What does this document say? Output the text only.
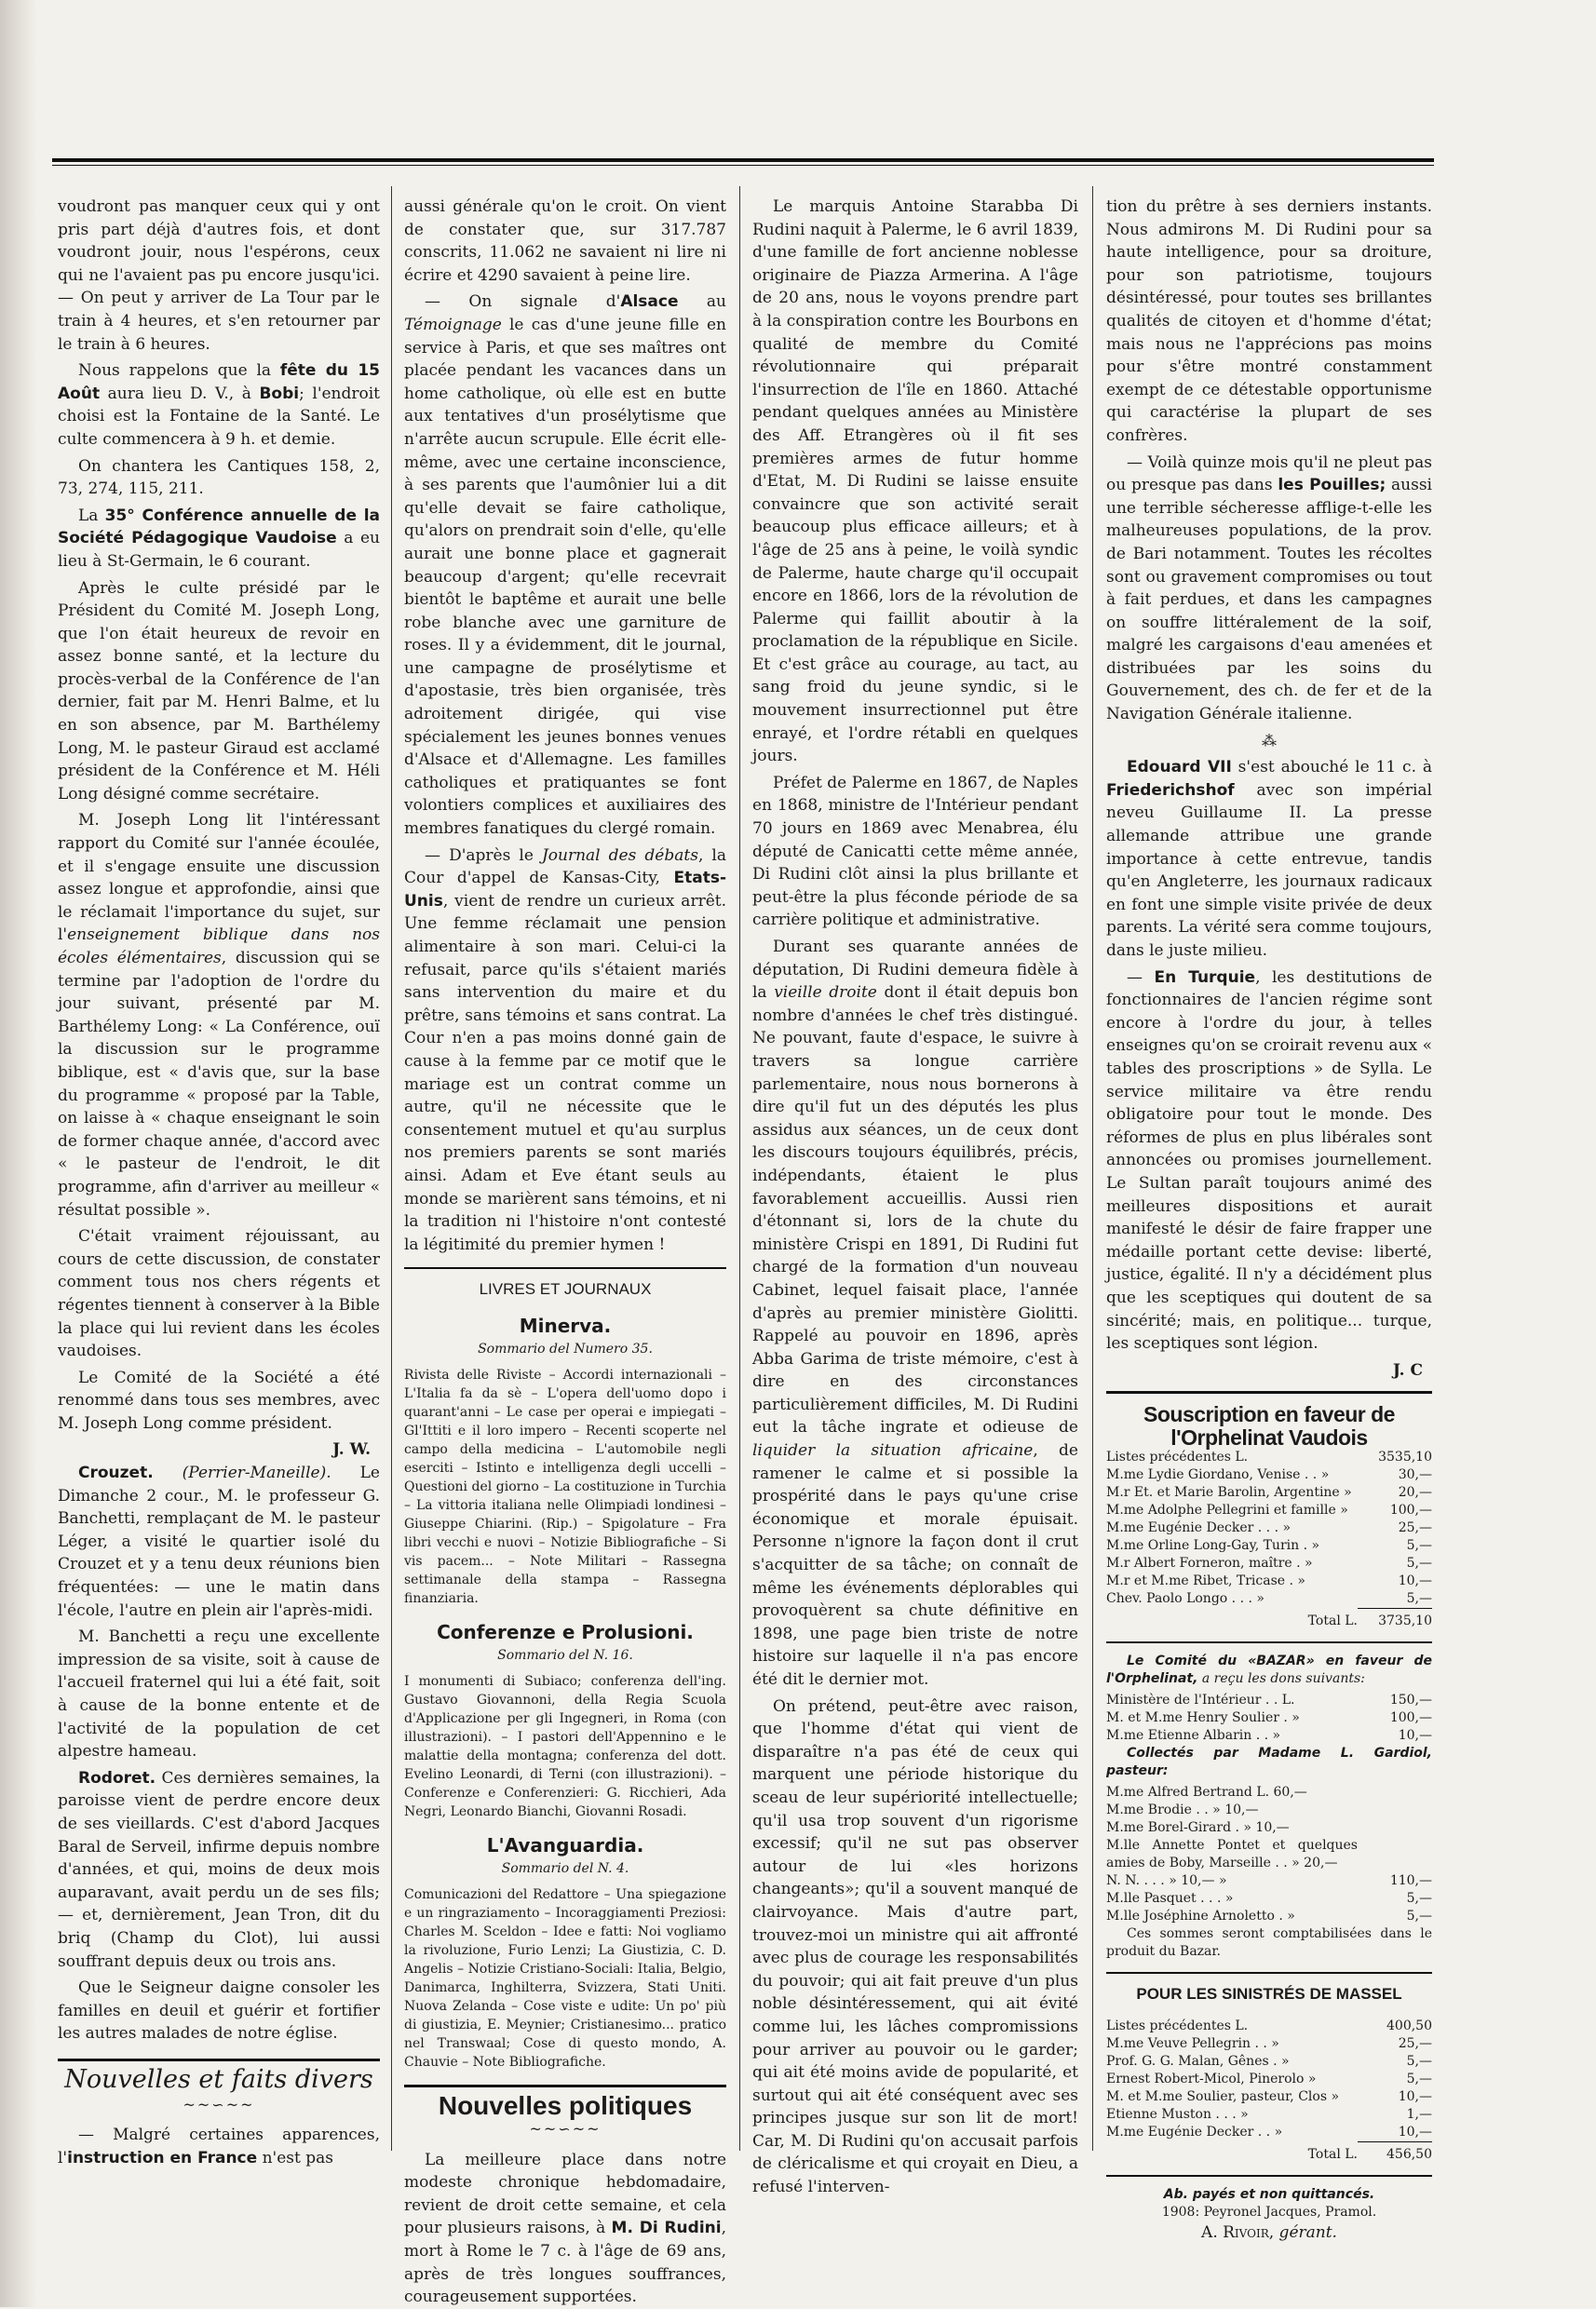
voudront pas manquer ceux qui y ont pris part déjà d'autres fois, et dont voudront jouir, nous l'espérons, ceux qui ne l'avaient pas pu encore jusqu'ici. — On peut y arriver de La Tour par le train à 4 heures, et s'en retourner par le train à 6 heures.

Nous rappelons que la fête du 15 Août aura lieu D. V., à Bobi; l'endroit choisi est la Fontaine de la Santé. Le culte commencera à 9 h. et demie.

On chantera les Cantiques 158, 2, 73, 274, 115, 211.

La 35° Conférence annuelle de la Société Pédagogique Vaudoise a eu lieu à St-Germain, le 6 courant.

Après le culte présidé par le Président du Comité M. Joseph Long, que l'on était heureux de revoir en assez bonne santé, et la lecture du procès-verbal de la Conférence de l'an dernier, fait par M. Henri Balme, et lu en son absence, par M. Barthélemy Long, M. le pasteur Giraud est acclamé président de la Conférence et M. Héli Long désigné comme secrétaire.

M. Joseph Long lit l'intéressant rapport du Comité sur l'année écoulée, et il s'engage ensuite une discussion assez longue et approfondie, ainsi que le réclamait l'importance du sujet, sur l'enseignement biblique dans nos écoles élémentaires, discussion qui se termine par l'adoption de l'ordre du jour suivant, présenté par M. Barthélemy Long: « La Conférence, ouï la discussion sur le programme biblique, est « d'avis que, sur la base du programme « proposé par la Table, on laisse à « chaque enseignant le soin de former chaque année, d'accord avec « le pasteur de l'endroit, le dit programme, afin d'arriver au meilleur « résultat possible ».

C'était vraiment réjouissant, au cours de cette discussion, de constater comment tous nos chers régents et régentes tiennent à conserver à la Bible la place qui lui revient dans les écoles vaudoises.

Le Comité de la Société a été renommé dans tous ses membres, avec M. Joseph Long comme président.

J. W.

Crouzet. (Perrier-Maneille). Le Dimanche 2 cour., M. le professeur G. Banchetti, remplaçant de M. le pasteur Léger, a visité le quartier isolé du Crouzet et y a tenu deux réunions bien fréquentées: — une le matin dans l'école, l'autre en plein air l'après-midi.

M. Banchetti a reçu une excellente impression de sa visite, soit à cause de l'accueil fraternel qui lui a été fait, soit à cause de la bonne entente et de l'activité de la population de cet alpestre hameau.

Rodoret. Ces dernières semaines, la paroisse vient de perdre encore deux de ses vieillards. C'est d'abord Jacques Baral de Serveil, infirme depuis nombre d'années, et qui, moins de deux mois auparavant, avait perdu un de ses fils; — et, dernièrement, Jean Tron, dit du briq (Champ du Clot), lui aussi souffrant depuis deux ou trois ans.

Que le Seigneur daigne consoler les familles en deuil et guérir et fortifier les autres malades de notre église.

Nouvelles et faits divers
~~∽~~

— Malgré certaines apparences, l'instruction en France n'est pas

aussi générale qu'on le croit. On vient de constater que, sur 317.787 conscrits, 11.062 ne savaient ni lire ni écrire et 4290 savaient à peine lire.

— On signale d'Alsace au Témoignage le cas d'une jeune fille en service à Paris, et que ses maîtres ont placée pendant les vacances dans un home catholique, où elle est en butte aux tentatives d'un prosélytisme que n'arrête aucun scrupule. Elle écrit elle-même, avec une certaine inconscience, à ses parents que l'aumônier lui a dit qu'elle devait se faire catholique, qu'alors on prendrait soin d'elle, qu'elle aurait une bonne place et gagnerait beaucoup d'argent; qu'elle recevrait bientôt le baptême et aurait une belle robe blanche avec une garniture de roses. Il y a évidemment, dit le journal, une campagne de prosélytisme et d'apostasie, très bien organisée, très adroitement dirigée, qui vise spécialement les jeunes bonnes venues d'Alsace et d'Allemagne. Les familles catholiques et pratiquantes se font volontiers complices et auxiliaires des membres fanatiques du clergé romain.

— D'après le Journal des débats, la Cour d'appel de Kansas-City, Etats-Unis, vient de rendre un curieux arrêt. Une femme réclamait une pension alimentaire à son mari. Celui-ci la refusait, parce qu'ils s'étaient mariés sans intervention du maire et du prêtre, sans témoins et sans contrat. La Cour n'en a pas moins donné gain de cause à la femme par ce motif que le mariage est un contrat comme un autre, qu'il ne nécessite que le consentement mutuel et qu'au surplus nos premiers parents se sont mariés ainsi. Adam et Eve étant seuls au monde se marièrent sans témoins, et ni la tradition ni l'histoire n'ont contesté la légitimité du premier hymen !

LIVRES ET JOURNAUX
Minerva.
Sommario del Numero 35.
Rivista delle Riviste – Accordi internazionali – L'Italia fa da sè – L'opera dell'uomo dopo i quarant'anni – Le case per operai e impiegati – Gl'Ittiti e il loro impero – Recenti scoperte nel campo della medicina – L'automobile negli eserciti – Istinto e intelligenza degli uccelli – Questioni del giorno – La costituzione in Turchia – La vittoria italiana nelle Olimpiadi londinesi – Giuseppe Chiarini. (Rip.) – Spigolature – Fra libri vecchi e nuovi – Notizie Bibliografiche – Si vis pacem... – Note Militari – Rassegna settimanale della stampa – Rassegna finanziaria.
Conferenze e Prolusioni.
Sommario del N. 16.
I monumenti di Subiaco; conferenza dell'ing. Gustavo Giovannoni, della Regia Scuola d'Applicazione per gli Ingegneri, in Roma (con illustrazioni). – I pastori dell'Appennino e le malattie della montagna; conferenza del dott. Evelino Leonardi, di Terni (con illustrazioni). – Conferenze e Conferenzieri: G. Ricchieri, Ada Negri, Leonardo Bianchi, Giovanni Rosadi.
L'Avanguardia.
Sommario del N. 4.
Comunicazioni del Redattore – Una spiegazione e un ringraziamento – Incoraggiamenti Preziosi: Charles M. Sceldon – Idee e fatti: Noi vogliamo la rivoluzione, Furio Lenzi; La Giustizia, C. D. Angelis – Notizie Cristiano-Sociali: Italia, Belgio, Danimarca, Inghilterra, Svizzera, Stati Uniti. Nuova Zelanda – Cose viste e udite: Un po' più di giustizia, E. Meynier; Cristianesimo... pratico nel Transwaal; Cose di questo mondo, A. Chauvie – Note Bibliografiche.
Nouvelles politiques
~~∽~~

La meilleure place dans notre modeste chronique hebdomadaire, revient de droit cette semaine, et cela pour plusieurs raisons, à M. Di Rudini, mort à Rome le 7 c. à l'âge de 69 ans, après de très longues souffrances, courageusement supportées.

Le marquis Antoine Starabba Di Rudini naquit à Palerme, le 6 avril 1839, d'une famille de fort ancienne noblesse originaire de Piazza Armerina. A l'âge de 20 ans, nous le voyons prendre part à la conspiration contre les Bourbons en qualité de membre du Comité révolutionnaire qui préparait l'insurrection de l'île en 1860. Attaché pendant quelques années au Ministère des Aff. Etrangères où il fit ses premières armes de futur homme d'Etat, M. Di Rudini se laisse ensuite convaincre que son activité serait beaucoup plus efficace ailleurs; et à l'âge de 25 ans à peine, le voilà syndic de Palerme, haute charge qu'il occupait encore en 1866, lors de la révolution de Palerme qui faillit aboutir à la proclamation de la république en Sicile. Et c'est grâce au courage, au tact, au sang froid du jeune syndic, si le mouvement insurrectionnel put être enrayé, et l'ordre rétabli en quelques jours.

Préfet de Palerme en 1867, de Naples en 1868, ministre de l'Intérieur pendant 70 jours en 1869 avec Menabrea, élu député de Canicatti cette même année, Di Rudini clôt ainsi la plus brillante et peut-être la plus féconde période de sa carrière politique et administrative.

Durant ses quarante années de députation, Di Rudini demeura fidèle à la vieille droite dont il était depuis bon nombre d'années le chef très distingué. Ne pouvant, faute d'espace, le suivre à travers sa longue carrière parlementaire, nous nous bornerons à dire qu'il fut un des députés les plus assidus aux séances, un de ceux dont les discours toujours équilibrés, précis, indépendants, étaient le plus favorablement accueillis. Aussi rien d'étonnant si, lors de la chute du ministère Crispi en 1891, Di Rudini fut chargé de la formation d'un nouveau Cabinet, lequel faisait place, l'année d'après au premier ministère Giolitti. Rappelé au pouvoir en 1896, après Abba Garima de triste mémoire, c'est à dire en des circonstances particulièrement difficiles, M. Di Rudini eut la tâche ingrate et odieuse de liquider la situation africaine, de ramener le calme et si possible la prospérité dans le pays qu'une crise économique et morale épuisait. Personne n'ignore la façon dont il crut s'acquitter de sa tâche; on connaît de même les événements déplorables qui provoquèrent sa chute définitive en 1898, une page bien triste de notre histoire sur laquelle il n'a pas encore été dit le dernier mot.

On prétend, peut-être avec raison, que l'homme d'état qui vient de disparaître n'a pas été de ceux qui marquent une période historique du sceau de leur supériorité intellectuelle; qu'il usa trop souvent d'un rigorisme excessif; qu'il ne sut pas observer autour de lui «les horizons changeants»; qu'il a souvent manqué de clairvoyance. Mais d'autre part, trouvez-moi un ministre qui ait affronté avec plus de courage les responsabilités du pouvoir; qui ait fait preuve d'un plus noble désintéressement, qui ait évité comme lui, les lâches compromissions pour arriver au pouvoir ou le garder; qui ait été moins avide de popularité, et surtout qui ait été conséquent avec ses principes jusque sur son lit de mort! Car, M. Di Rudini qu'on accusait parfois de cléricalisme et qui croyait en Dieu, a refusé l'interven-

tion du prêtre à ses derniers instants. Nous admirons M. Di Rudini pour sa haute intelligence, pour sa droiture, pour son patriotisme, toujours désintéressé, pour toutes ses brillantes qualités de citoyen et d'homme d'état; mais nous ne l'apprécions pas moins pour s'être montré constamment exempt de ce détestable opportunisme qui caractérise la plupart de ses confrères.

— Voilà quinze mois qu'il ne pleut pas ou presque pas dans les Pouilles; aussi une terrible sécheresse afflige-t-elle les malheureuses populations, de la prov. de Bari notamment. Toutes les récoltes sont ou gravement compromises ou tout à fait perdues, et dans les campagnes on souffre littéralement de la soif, malgré les cargaisons d'eau amenées et distribuées par les soins du Gouvernement, des ch. de fer et de la Navigation Générale italienne.

⁂

Edouard VII s'est abouché le 11 c. à Friederichshof avec son impérial neveu Guillaume II. La presse allemande attribue une grande importance à cette entrevue, tandis qu'en Angleterre, les journaux radicaux en font une simple visite privée de deux parents. La vérité sera comme toujours, dans le juste milieu.

— En Turquie, les destitutions de fonctionnaires de l'ancien régime sont encore à l'ordre du jour, à telles enseignes qu'on se croirait revenu aux « tables des proscriptions » de Sylla. Le service militaire va être rendu obligatoire pour tout le monde. Des réformes de plus en plus libérales sont annoncées ou promises journellement. Le Sultan paraît toujours animé des meilleures dispositions et aurait manifesté le désir de faire frapper une médaille portant cette devise: liberté, justice, égalité. Il n'y a décidément plus que les sceptiques qui doutent de sa sincérité; mais, en politique... turque, les sceptiques sont légion.

J. C
Souscription en faveur de l'Orphelinat Vaudois
Listes précédentes L.	3535,10
M.me Lydie Giordano, Venise . . »	30,—
M.r Et. et Marie Barolin, Argentine »	20,—
M.me Adolphe Pellegrini et famille »	100,—
M.me Eugénie Decker . . . »	25,—
M.me Orline Long-Gay, Turin . »	5,—
M.r Albert Forneron, maître . »	5,—
M.r et M.me Ribet, Tricase . »	10,—
Chev. Paolo Longo . . . »	5,—
Total L.	3735,10

Le Comité du «BAZAR» en faveur de l'Orphelinat, a reçu les dons suivants:

Ministère de l'Intérieur . . L.	150,—
M. et M.me Henry Soulier . »	100,—
M.me Etienne Albarin . . »	10,—

Collectés par Madame L. Gardiol, pasteur:

M.me Alfred Bertrand L. 60,—	
M.me Brodie . . » 10,—	
M.me Borel-Girard . » 10,—	
M.lle Annette Pontet et quelques amies de Boby, Marseille . . » 20,—	
N. N. . . . » 10,— »	110,—
M.lle Pasquet . . . »	5,—
M.lle Joséphine Arnoletto . »	5,—

Ces sommes seront comptabilisées dans le produit du Bazar.

POUR LES SINISTRÉS DE MASSEL
Listes précédentes L.	400,50
M.me Veuve Pellegrin . . »	25,—
Prof. G. G. Malan, Gênes . »	5,—
Ernest Robert-Micol, Pinerolo »	5,—
M. et M.me Soulier, pasteur, Clos »	10,—
Etienne Muston . . . »	1,—
M.me Eugénie Decker . . »	10,—
Total L.	456,50
Ab. payés et non quittancés.
1908: Peyronel Jacques, Pramol.
A. Rivoir, gérant.
